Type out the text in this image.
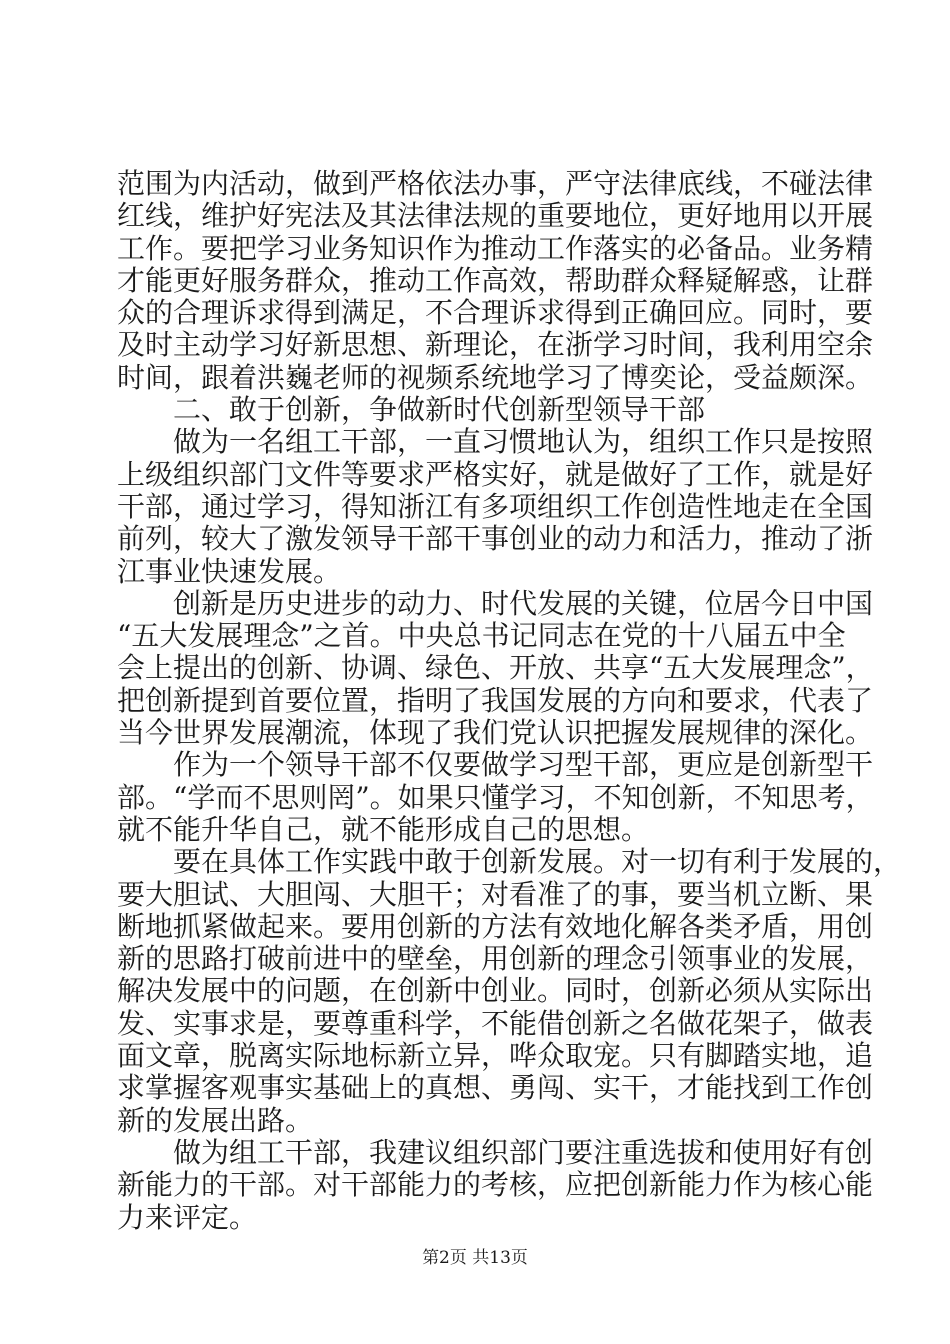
范围为内活动，做到严格依法办事，严守法律底线，不碰法律
红线，维护好宪法及其法律法规的重要地位，更好地用以开展
工作。要把学习业务知识作为推动工作落实的必备品。业务精
才能更好服务群众，推动工作高效，帮助群众释疑解惑，让群
众的合理诉求得到满足，不合理诉求得到正确回应。同时，要
及时主动学习好新思想、新理论，在浙学习时间，我利用空余
时间，跟着洪巍老师的视频系统地学习了博奕论，受益颇深。
二、敢于创新，争做新时代创新型领导干部
做为一名组工干部，一直习惯地认为，组织工作只是按照
上级组织部门文件等要求严格实好，就是做好了工作，就是好
干部，通过学习，得知浙江有多项组织工作创造性地走在全国
前列，较大了激发领导干部干事创业的动力和活力，推动了浙
江事业快速发展。
创新是历史进步的动力、时代发展的关键，位居今日中国
“五大发展理念”之首。中央总书记同志在党的十八届五中全
会上提出的创新、协调、绿色、开放、共享“五大发展理念”，
把创新提到首要位置，指明了我国发展的方向和要求，代表了
当今世界发展潮流，体现了我们党认识把握发展规律的深化。
作为一个领导干部不仅要做学习型干部，更应是创新型干
部。“学而不思则罔”。如果只懂学习，不知创新，不知思考，
就不能升华自己，就不能形成自己的思想。
要在具体工作实践中敢于创新发展。对一切有利于发展的，
要大胆试、大胆闯、大胆干；对看准了的事，要当机立断、果
断地抓紧做起来。要用创新的方法有效地化解各类矛盾，用创
新的思路打破前进中的壁垒，用创新的理念引领事业的发展，
解决发展中的问题，在创新中创业。同时，创新必须从实际出
发、实事求是，要尊重科学，不能借创新之名做花架子，做表
面文章，脱离实际地标新立异，哗众取宠。只有脚踏实地，追
求掌握客观事实基础上的真想、勇闯、实干，才能找到工作创
新的发展出路。
做为组工干部，我建议组织部门要注重选拔和使用好有创
新能力的干部。对干部能力的考核，应把创新能力作为核心能
力来评定。
第2页 共13页
